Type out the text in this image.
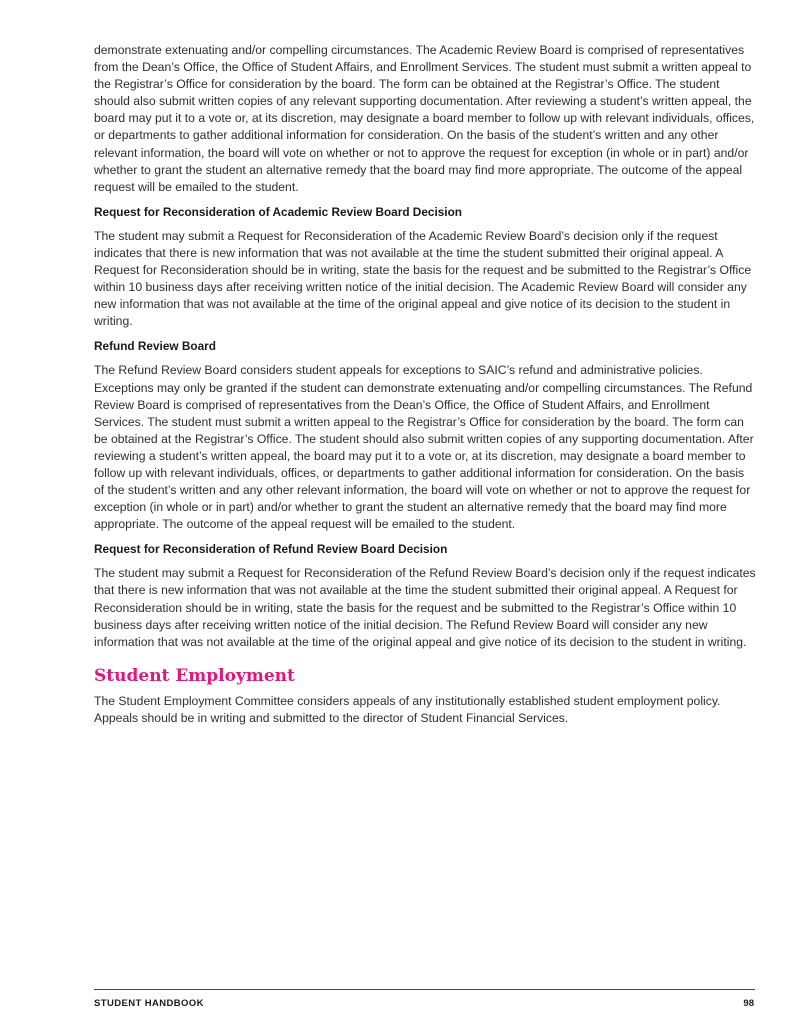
demonstrate extenuating and/or compelling circumstances. The Academic Review Board is comprised of representatives from the Dean’s Office, the Office of Student Affairs, and Enrollment Services. The student must submit a written appeal to the Registrar’s Office for consideration by the board. The form can be obtained at the Registrar’s Office. The student should also submit written copies of any relevant supporting documentation. After reviewing a student’s written appeal, the board may put it to a vote or, at its discretion, may designate a board member to follow up with relevant individuals, offices, or departments to gather additional information for consideration. On the basis of the student’s written and any other relevant information, the board will vote on whether or not to approve the request for exception (in whole or in part) and/or whether to grant the student an alternative remedy that the board may find more appropriate. The outcome of the appeal request will be emailed to the student.

Request for Reconsideration of Academic Review Board Decision

The student may submit a Request for Reconsideration of the Academic Review Board’s decision only if the request indicates that there is new information that was not available at the time the student submitted their original appeal. A Request for Reconsideration should be in writing, state the basis for the request and be submitted to the Registrar’s Office within 10 business days after receiving written notice of the initial decision. The Academic Review Board will consider any new information that was not available at the time of the original appeal and give notice of its decision to the student in writing.

Refund Review Board

The Refund Review Board considers student appeals for exceptions to SAIC’s refund and administrative policies. Exceptions may only be granted if the student can demonstrate extenuating and/or compelling circumstances. The Refund Review Board is comprised of representatives from the Dean’s Office, the Office of Student Affairs, and Enrollment Services. The student must submit a written appeal to the Registrar’s Office for consideration by the board. The form can be obtained at the Registrar’s Office. The student should also submit written copies of any supporting documentation. After reviewing a student’s written appeal, the board may put it to a vote or, at its discretion, may designate a board member to follow up with relevant individuals, offices, or departments to gather additional information for consideration. On the basis of the student’s written and any other relevant information, the board will vote on whether or not to approve the request for exception (in whole or in part) and/or whether to grant the student an alternative remedy that the board may find more appropriate. The outcome of the appeal request will be emailed to the student.

Request for Reconsideration of Refund Review Board Decision

The student may submit a Request for Reconsideration of the Refund Review Board’s decision only if the request indicates that there is new information that was not available at the time the student submitted their original appeal. A Request for Reconsideration should be in writing, state the basis for the request and be submitted to the Registrar’s Office within 10 business days after receiving written notice of the initial decision. The Refund Review Board will consider any new information that was not available at the time of the original appeal and give notice of its decision to the student in writing.

Student Employment

The Student Employment Committee considers appeals of any institutionally established student employment policy. Appeals should be in writing and submitted to the director of Student Financial Services.

STUDENT HANDBOOK	98
